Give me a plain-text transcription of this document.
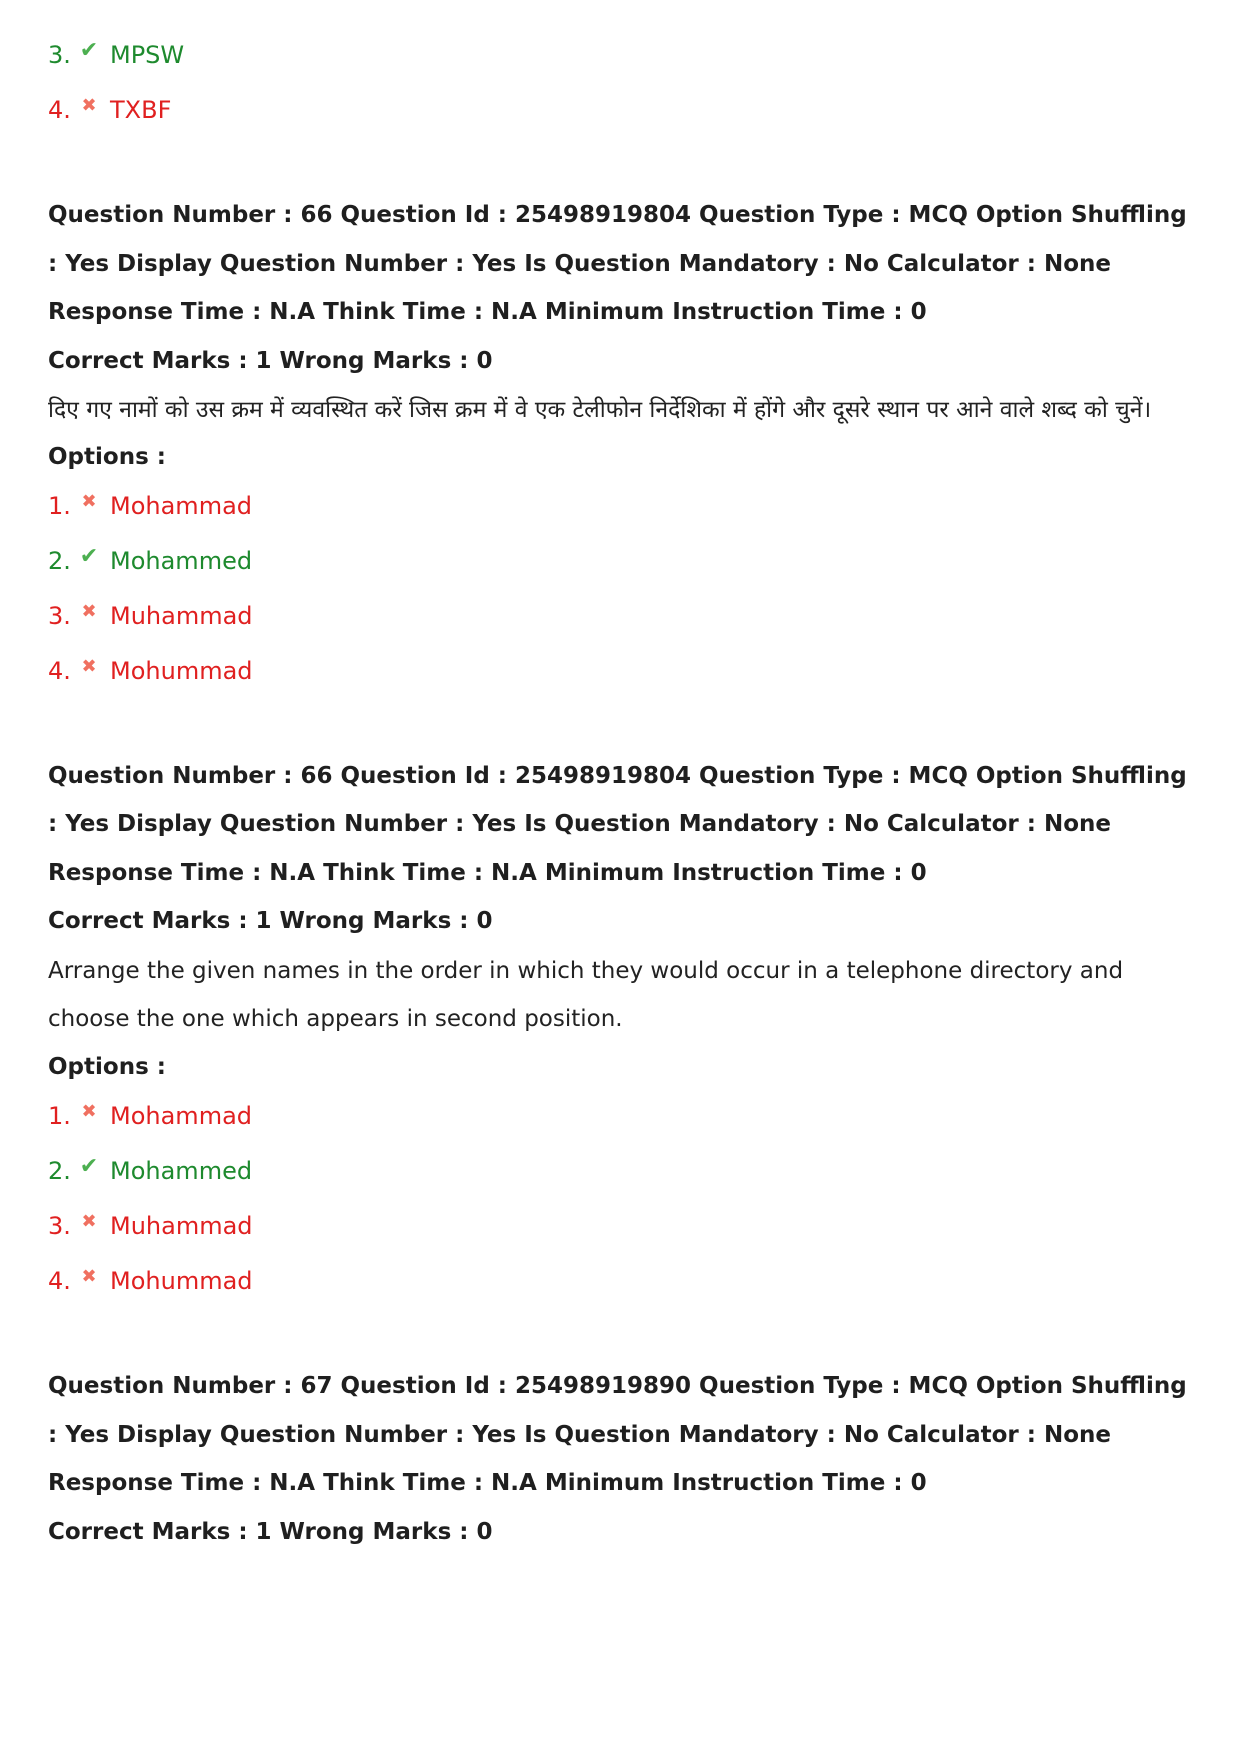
3. ✔ MPSW
4. ✖ TXBF

Question Number : 66 Question Id : 25498919804 Question Type : MCQ Option Shuffling : Yes Display Question Number : Yes Is Question Mandatory : No Calculator : None Response Time : N.A Think Time : N.A Minimum Instruction Time : 0

Correct Marks : 1 Wrong Marks : 0

दिए गए नामों को उस क्रम में व्यवस्थित करें जिस क्रम में वे एक टेलीफोन निर्देशिका में होंगे और दूसरे स्थान पर आने वाले शब्द को चुनें।

Options :

1. ✖ Mohammad
2. ✔ Mohammed
3. ✖ Muhammad
4. ✖ Mohummad

Question Number : 66 Question Id : 25498919804 Question Type : MCQ Option Shuffling : Yes Display Question Number : Yes Is Question Mandatory : No Calculator : None Response Time : N.A Think Time : N.A Minimum Instruction Time : 0

Correct Marks : 1 Wrong Marks : 0

Arrange the given names in the order in which they would occur in a telephone directory and choose the one which appears in second position.

Options :

1. ✖ Mohammad
2. ✔ Mohammed
3. ✖ Muhammad
4. ✖ Mohummad

Question Number : 67 Question Id : 25498919890 Question Type : MCQ Option Shuffling : Yes Display Question Number : Yes Is Question Mandatory : No Calculator : None Response Time : N.A Think Time : N.A Minimum Instruction Time : 0

Correct Marks : 1 Wrong Marks : 0
